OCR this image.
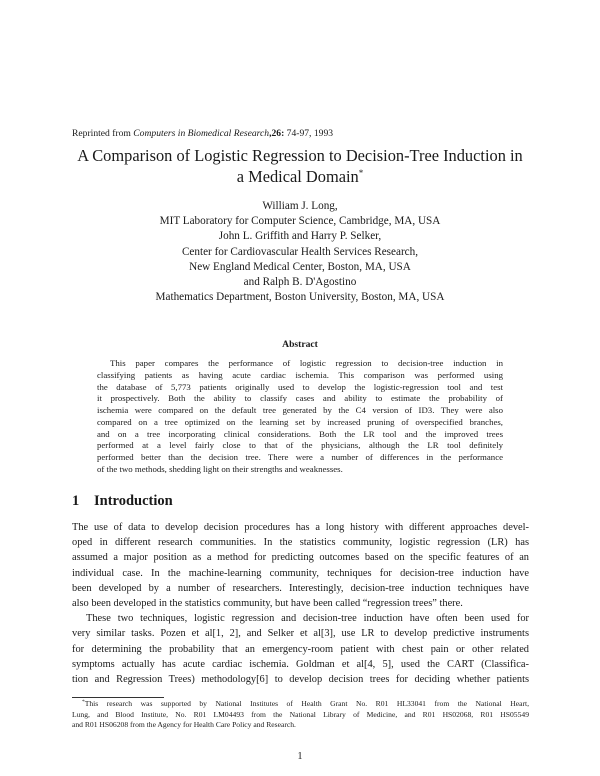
Reprinted from Computers in Biomedical Research,26: 74-97, 1993
A Comparison of Logistic Regression to Decision-Tree Induction in
a Medical Domain*
William J. Long,
MIT Laboratory for Computer Science, Cambridge, MA, USA
John L. Griffith and Harry P. Selker,
Center for Cardiovascular Health Services Research,
New England Medical Center, Boston, MA, USA
and Ralph B. D'Agostino
Mathematics Department, Boston University, Boston, MA, USA
Abstract
This paper compares the performance of logistic regression to decision-tree induction in
classifying patients as having acute cardiac ischemia. This comparison was performed using
the database of 5,773 patients originally used to develop the logistic-regression tool and test
it prospectively. Both the ability to classify cases and ability to estimate the probability of
ischemia were compared on the default tree generated by the C4 version of ID3. They were also
compared on a tree optimized on the learning set by increased pruning of overspecified branches,
and on a tree incorporating clinical considerations. Both the LR tool and the improved trees
performed at a level fairly close to that of the physicians, although the LR tool definitely
performed better than the decision tree. There were a number of differences in the performance
of the two methods, shedding light on their strengths and weaknesses.
1 Introduction
The use of data to develop decision procedures has a long history with different approaches devel-
oped in different research communities. In the statistics community, logistic regression (LR) has
assumed a major position as a method for predicting outcomes based on the specific features of an
individual case. In the machine-learning community, techniques for decision-tree induction have
been developed by a number of researchers. Interestingly, decision-tree induction techniques have
also been developed in the statistics community, but have been called “regression trees” there.
These two techniques, logistic regression and decision-tree induction have often been used for
very similar tasks. Pozen et al[1, 2], and Selker et al[3], use LR to develop predictive instruments
for determining the probability that an emergency-room patient with chest pain or other related
symptoms actually has acute cardiac ischemia. Goldman et al[4, 5], used the CART (Classifica-
tion and Regression Trees) methodology[6] to develop decision trees for deciding whether patients
*This research was supported by National Institutes of Health Grant No. R01 HL33041 from the National Heart,
Lung, and Blood Institute, No. R01 LM04493 from the National Library of Medicine, and R01 HS02068, R01 HS05549
and R01 HS06208 from the Agency for Health Care Policy and Research.
1
